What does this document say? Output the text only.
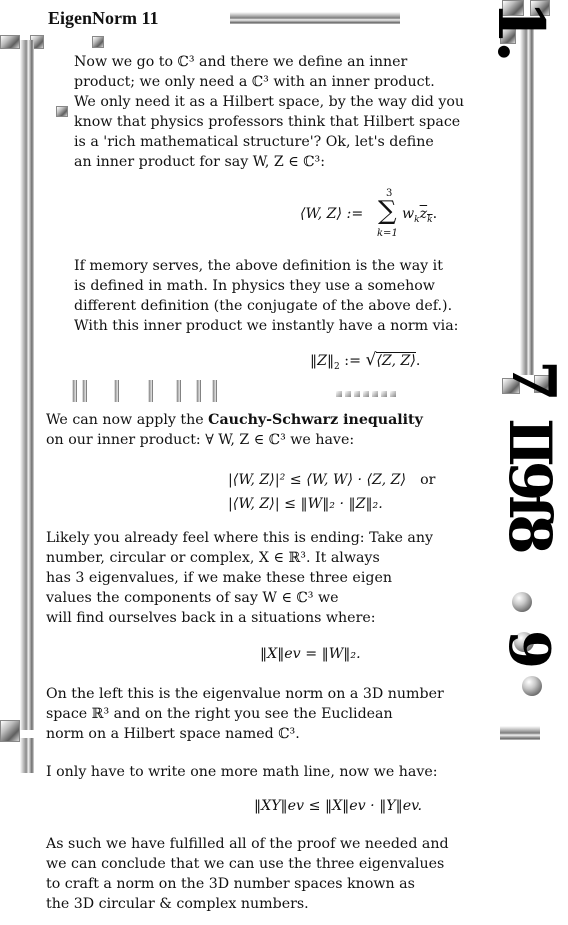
1.
7
Ⅱ9ſ8
9
EigenNorm 11
Now we go to ℂ³ and there we define an inner
product; we only need a ℂ³ with an inner product.
We only need it as a Hilbert space, by the way did you
know that physics professors think that Hilbert space
is a 'rich mathematical structure'? Ok, let's define
an inner product for say W, Z ∈ ℂ³:
⟨W, Z⟩ :=
3
∑
k=1
$w_k\overline{z}_{\overline{k}}$.
If memory serves, the above definition is the way it
is defined in math. In physics they use a somehow
different definition (the conjugate of the above def.).
With this inner product we instantly have a norm via:
$‖Z‖_2$ := √⟨Z, Z⟩.
We can now apply the Cauchy-Schwarz inequality
on our inner product: ∀ W, Z ∈ ℂ³ we have:
|⟨W, Z⟩|² ≤ ⟨W, W⟩ · ⟨Z, Z⟩ or
|⟨W, Z⟩| ≤ ‖W‖₂ · ‖Z‖₂.
Likely you already feel where this is ending: Take any
number, circular or complex, X ∈ ℝ³. It always
has 3 eigenvalues, if we make these three eigen
values the components of say W ∈ ℂ³ we
will find ourselves back in a situations where:
‖X‖ev = ‖W‖₂.
On the left this is the eigenvalue norm on a 3D number
space ℝ³ and on the right you see the Euclidean
norm on a Hilbert space named ℂ³.
I only have to write one more math line, now we have:
‖XY‖ev ≤ ‖X‖ev · ‖Y‖ev.
As such we have fulfilled all of the proof we needed and
we can conclude that we can use the three eigenvalues
to craft a norm on the 3D number spaces known as
the 3D circular & complex numbers.
